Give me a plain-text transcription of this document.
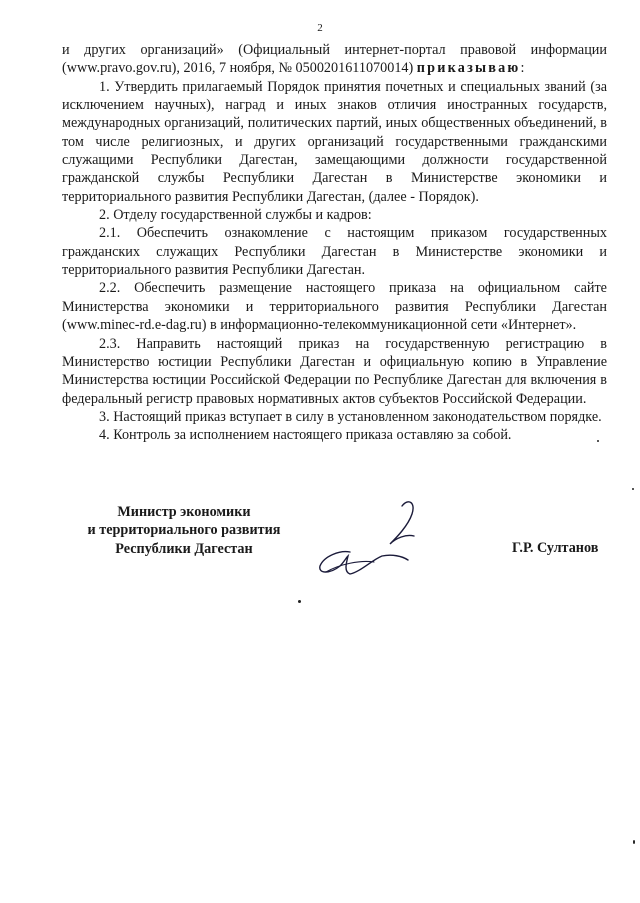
2

и других организаций» (Официальный интернет-портал правовой информации (www.pravo.gov.ru), 2016, 7 ноября, № 0500201611070014) приказываю:

1. Утвердить прилагаемый Порядок принятия почетных и специальных званий (за исключением научных), наград и иных знаков отличия иностранных государств, международных организаций, политических партий, иных общественных объединений, в том числе религиозных, и других организаций государственными гражданскими служащими Республики Дагестан, замещающими должности государственной гражданской службы Республики Дагестан в Министерстве экономики и территориального развития Республики Дагестан, (далее - Порядок).

2. Отделу государственной службы и кадров:

2.1. Обеспечить ознакомление с настоящим приказом государственных гражданских служащих Республики Дагестан в Министерстве экономики и территориального развития Республики Дагестан.

2.2. Обеспечить размещение настоящего приказа на официальном сайте Министерства экономики и территориального развития Республики Дагестан (www.minec-rd.e-dag.ru) в информационно-телекоммуникационной сети «Интернет».

2.3. Направить настоящий приказ на государственную регистрацию в Министерство юстиции Республики Дагестан и официальную копию в Управление Министерства юстиции Российской Федерации по Республике Дагестан для включения в федеральный регистр правовых нормативных актов субъектов Российской Федерации.

3. Настоящий приказ вступает в силу в установленном законодательством порядке.

4. Контроль за исполнением настоящего приказа оставляю за собой.

Министр экономики
и территориального развития
Республики Дагестан	Г.Р. Султанов
